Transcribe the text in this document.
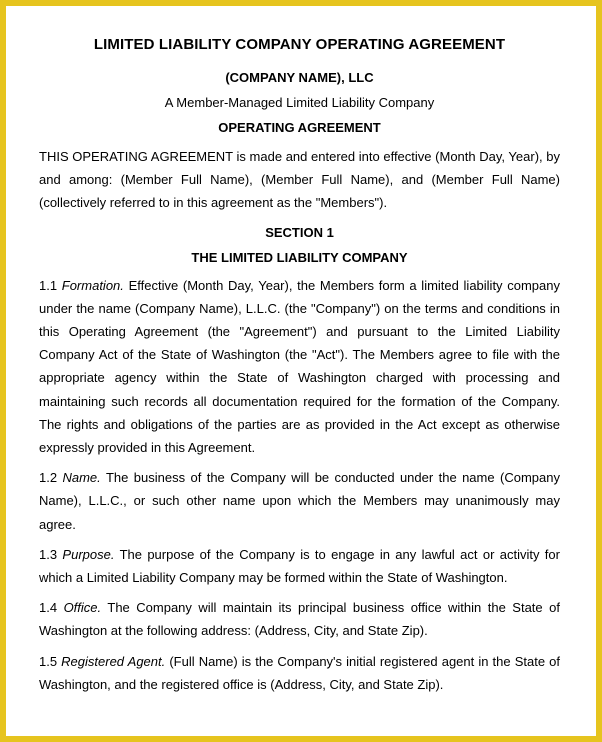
LIMITED LIABILITY COMPANY OPERATING AGREEMENT
(COMPANY NAME), LLC
A Member-Managed Limited Liability Company
OPERATING AGREEMENT

THIS OPERATING AGREEMENT is made and entered into effective (Month Day, Year), by and among: (Member Full Name), (Member Full Name), and (Member Full Name) (collectively referred to in this agreement as the "Members").

SECTION 1
THE LIMITED LIABILITY COMPANY

1.1 Formation. Effective (Month Day, Year), the Members form a limited liability company under the name (Company Name), L.L.C. (the "Company") on the terms and conditions in this Operating Agreement (the "Agreement") and pursuant to the Limited Liability Company Act of the State of Washington (the "Act"). The Members agree to file with the appropriate agency within the State of Washington charged with processing and maintaining such records all documentation required for the formation of the Company. The rights and obligations of the parties are as provided in the Act except as otherwise expressly provided in this Agreement.

1.2 Name. The business of the Company will be conducted under the name (Company Name), L.L.C., or such other name upon which the Members may unanimously may agree.

1.3 Purpose. The purpose of the Company is to engage in any lawful act or activity for which a Limited Liability Company may be formed within the State of Washington.

1.4 Office. The Company will maintain its principal business office within the State of Washington at the following address: (Address, City, and State Zip).

1.5 Registered Agent. (Full Name) is the Company's initial registered agent in the State of Washington, and the registered office is (Address, City, and State Zip).
